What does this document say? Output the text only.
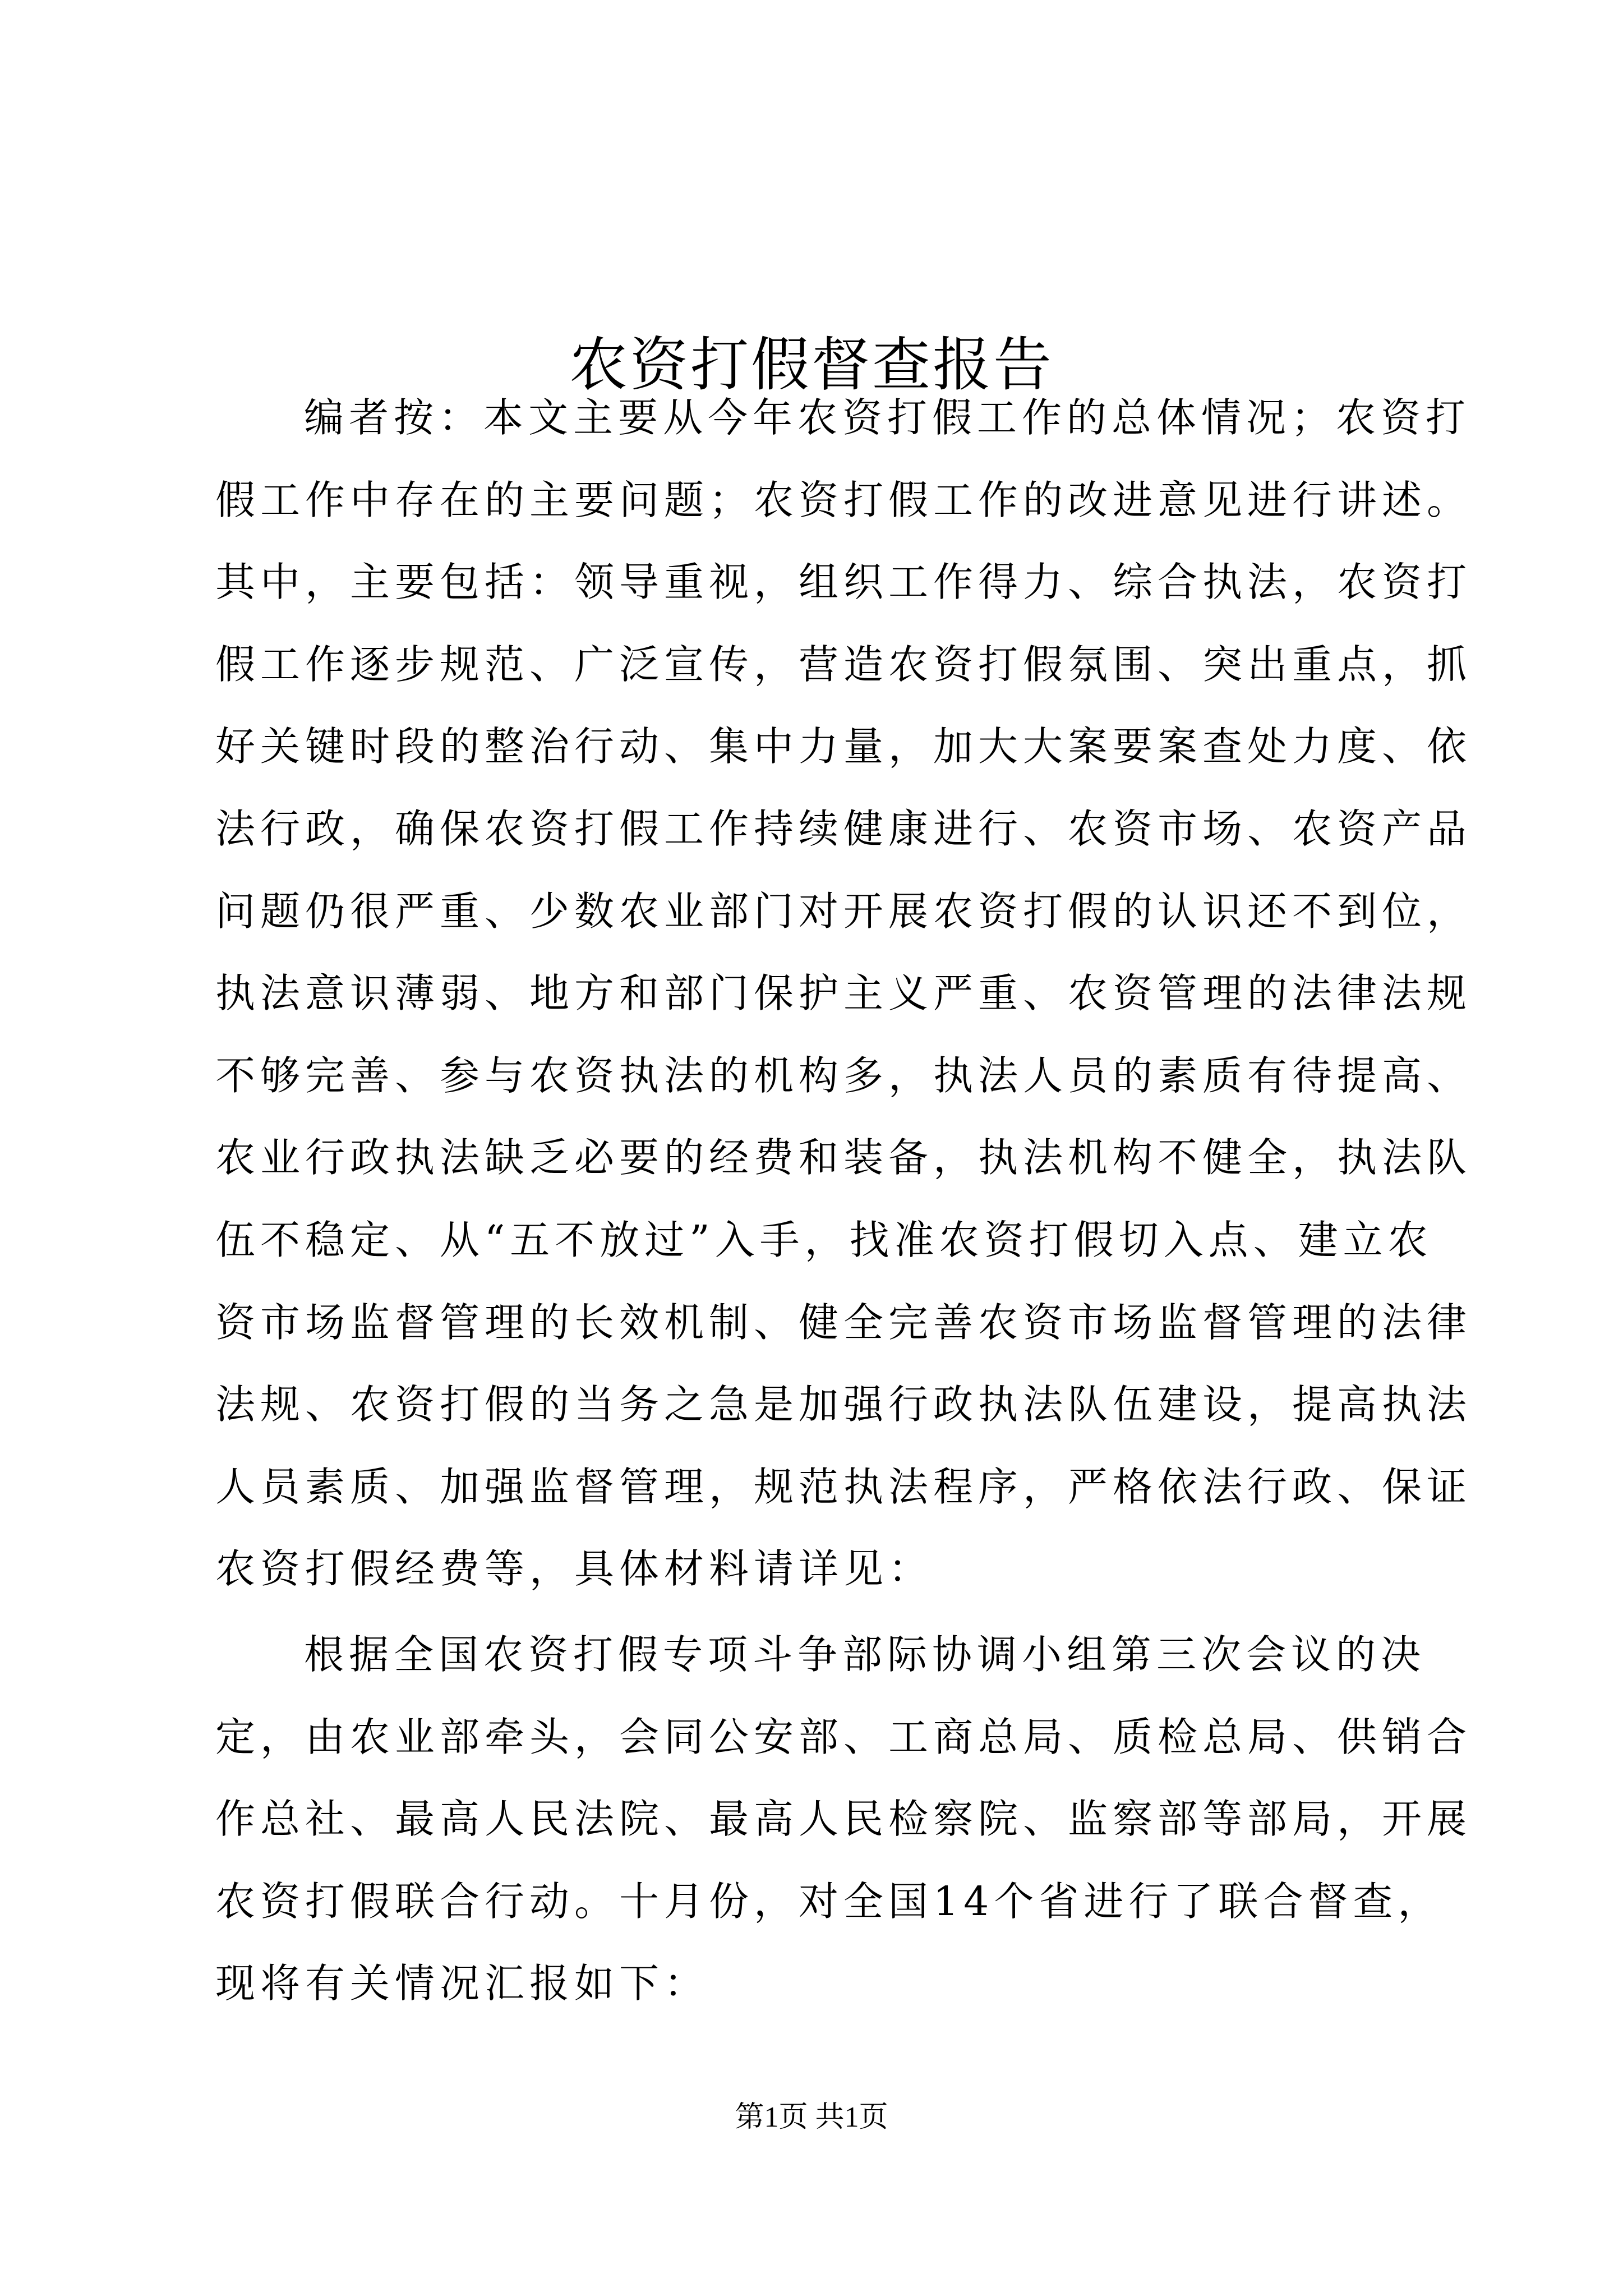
农资打假督查报告
编者按：本文主要从今年农资打假工作的总体情况；农资打
假工作中存在的主要问题；农资打假工作的改进意见进行讲述。
其中，主要包括：领导重视，组织工作得力、综合执法，农资打
假工作逐步规范、广泛宣传，营造农资打假氛围、突出重点，抓
好关键时段的整治行动、集中力量，加大大案要案查处力度、依
法行政，确保农资打假工作持续健康进行、农资市场、农资产品
问题仍很严重、少数农业部门对开展农资打假的认识还不到位，
执法意识薄弱、地方和部门保护主义严重、农资管理的法律法规
不够完善、参与农资执法的机构多，执法人员的素质有待提高、
农业行政执法缺乏必要的经费和装备，执法机构不健全，执法队
伍不稳定、从“五不放过”入手，找准农资打假切入点、建立农
资市场监督管理的长效机制、健全完善农资市场监督管理的法律
法规、农资打假的当务之急是加强行政执法队伍建设，提高执法
人员素质、加强监督管理，规范执法程序，严格依法行政、保证
农资打假经费等，具体材料请详见：
根据全国农资打假专项斗争部际协调小组第三次会议的决
定，由农业部牵头，会同公安部、工商总局、质检总局、供销合
作总社、最高人民法院、最高人民检察院、监察部等部局，开展
农资打假联合行动。十月份，对全国14个省进行了联合督查，
现将有关情况汇报如下：
第1页 共1页
